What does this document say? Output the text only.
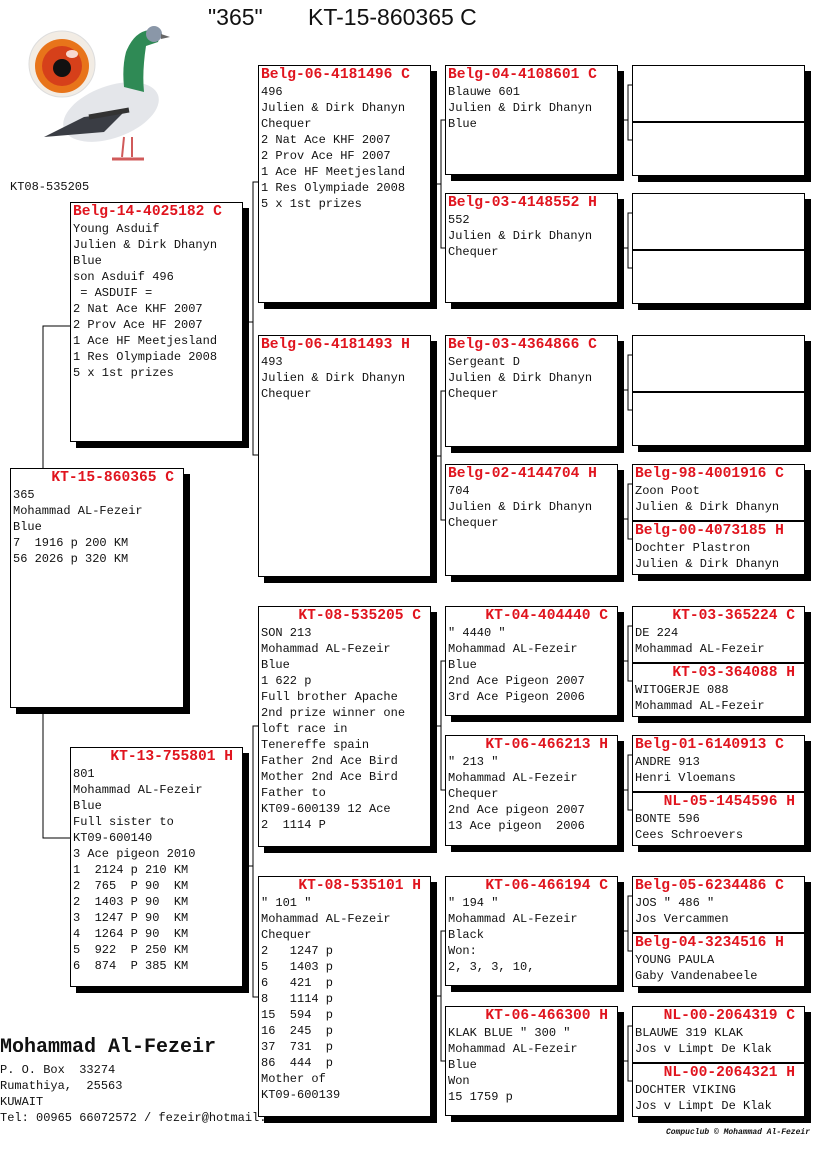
"365" KT-15-860365 C
KT08-535205
KT-15-860365 C
365
Mohammad AL-Fezeir
Blue
7  1916 p 200 KM
56 2026 p 320 KM
Belg-14-4025182 C
Young Asduif
Julien & Dirk Dhanyn
Blue
son Asduif 496
= ASDUIF =
2 Nat Ace KHF 2007
2 Prov Ace HF 2007
1 Ace HF Meetjesland
1 Res Olympiade 2008
5 x 1st prizes
KT-13-755801 H
801
Mohammad AL-Fezeir
Blue
Full sister to
KT09-600140
3 Ace pigeon 2010
1  2124 p 210 KM
2  765  P 90  KM
2  1403 P 90  KM
3  1247 P 90  KM
4  1264 P 90  KM
5  922  P 250 KM
6  874  P 385 KM
Belg-06-4181496 C
496
Julien & Dirk Dhanyn
Chequer
2 Nat Ace KHF 2007
2 Prov Ace HF 2007
1 Ace HF Meetjesland
1 Res Olympiade 2008
5 x 1st prizes
Belg-06-4181493 H
493
Julien & Dirk Dhanyn
Chequer
KT-08-535205 C
SON 213
Mohammad AL-Fezeir
Blue
1 622 p
Full brother Apache
2nd prize winner one
loft race in
Tenereffe spain
Father 2nd Ace Bird
Mother 2nd Ace Bird
Father to
KT09-600139 12 Ace
2  1114 P
KT-08-535101 H
" 101 "
Mohammad AL-Fezeir
Chequer
2   1247 p
5   1403 p
6   421  p
8   1114 p
15  594  p
16  245  p
37  731  p
86  444  p
Mother of
KT09-600139
Belg-04-4108601 C
Blauwe 601
Julien & Dirk Dhanyn
Blue
Belg-03-4148552 H
552
Julien & Dirk Dhanyn
Chequer
Belg-03-4364866 C
Sergeant D
Julien & Dirk Dhanyn
Chequer
Belg-02-4144704 H
704
Julien & Dirk Dhanyn
Chequer
KT-04-404440 C
" 4440 "
Mohammad AL-Fezeir
Blue
2nd Ace Pigeon 2007
3rd Ace Pigeon 2006
KT-06-466213 H
" 213 "
Mohammad AL-Fezeir
Chequer
2nd Ace pigeon 2007
13 Ace pigeon  2006
KT-06-466194 C
" 194 "
Mohammad AL-Fezeir
Black
Won:
2, 3, 3, 10,
KT-06-466300 H
KLAK BLUE " 300 "
Mohammad AL-Fezeir
Blue
Won
15 1759 p
Belg-98-4001916 C
Zoon Poot
Julien & Dirk Dhanyn
Belg-00-4073185 H
Dochter Plastron
Julien & Dirk Dhanyn
KT-03-365224 C
DE 224
Mohammad AL-Fezeir
KT-03-364088 H
WITOGERJE 088
Mohammad AL-Fezeir
Belg-01-6140913 C
ANDRE 913
Henri Vloemans
NL-05-1454596 H
BONTE 596
Cees Schroevers
Belg-05-6234486 C
JOS " 486 "
Jos Vercammen
Belg-04-3234516 H
YOUNG PAULA
Gaby Vandenabeele
NL-00-2064319 C
BLAUWE 319 KLAK
Jos v Limpt De Klak
NL-00-2064321 H
DOCHTER VIKING
Jos v Limpt De Klak
Mohammad Al-Fezeir
P. O. Box  33274
Rumathiya,  25563
KUWAIT
Tel: 00965 66072572 / fezeir@hotmail.
Compuclub © Mohammad Al-Fezeir
